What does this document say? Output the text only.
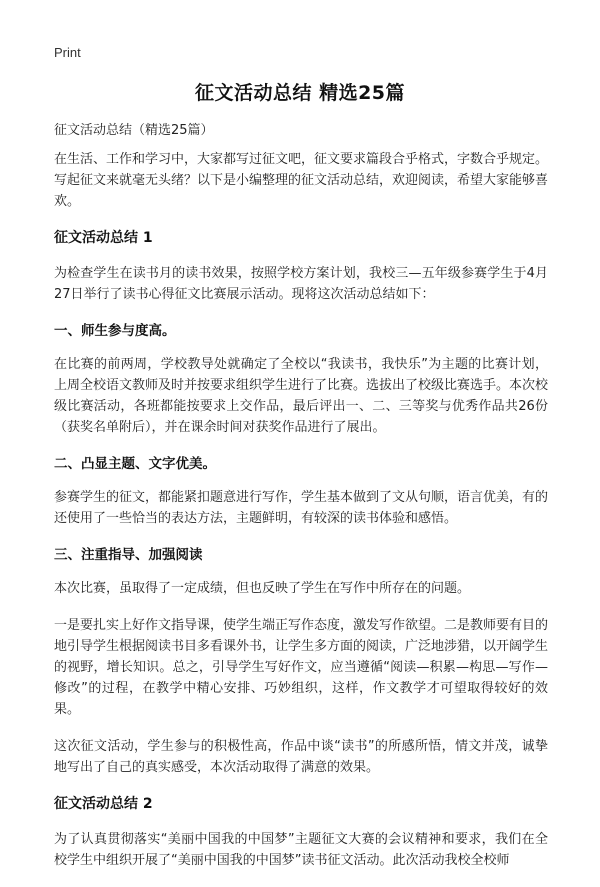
Print
征文活动总结 精选25篇

征文活动总结（精选25篇）

在生活、工作和学习中，大家都写过征文吧，征文要求篇段合乎格式，字数合乎规定。写起征文来就毫无头绪？以下是小编整理的征文活动总结，欢迎阅读，希望大家能够喜欢。

征文活动总结 1

为检查学生在读书月的读书效果，按照学校方案计划，我校三—五年级参赛学生于4月27日举行了读书心得征文比赛展示活动。现将这次活动总结如下：

一、师生参与度高。

在比赛的前两周，学校教导处就确定了全校以“我读书，我快乐”为主题的比赛计划，上周全校语文教师及时并按要求组织学生进行了比赛。选拔出了校级比赛选手。本次校级比赛活动，各班都能按要求上交作品，最后评出一、二、三等奖与优秀作品共26份（获奖名单附后），并在课余时间对获奖作品进行了展出。

二、凸显主题、文字优美。

参赛学生的征文，都能紧扣题意进行写作，学生基本做到了文从句顺，语言优美，有的还使用了一些恰当的表达方法，主题鲜明，有较深的读书体验和感悟。

三、注重指导、加强阅读

本次比赛，虽取得了一定成绩，但也反映了学生在写作中所存在的问题。

一是要扎实上好作文指导课，使学生端正写作态度，激发写作欲望。二是教师要有目的地引导学生根据阅读书目多看课外书，让学生多方面的阅读，广泛地涉猎，以开阔学生的视野，增长知识。总之，引导学生写好作文，应当遵循“阅读—积累—构思—写作—修改”的过程，在教学中精心安排、巧妙组织，这样，作文教学才可望取得较好的效果。

这次征文活动，学生参与的积极性高，作品中谈“读书”的所感所悟，情文并茂，诚挚地写出了自己的真实感受，本次活动取得了满意的效果。

征文活动总结 2

为了认真贯彻落实“美丽中国我的中国梦”主题征文大赛的会议精神和要求，我们在全校学生中组织开展了“美丽中国我的中国梦”读书征文活动。此次活动我校全校师
